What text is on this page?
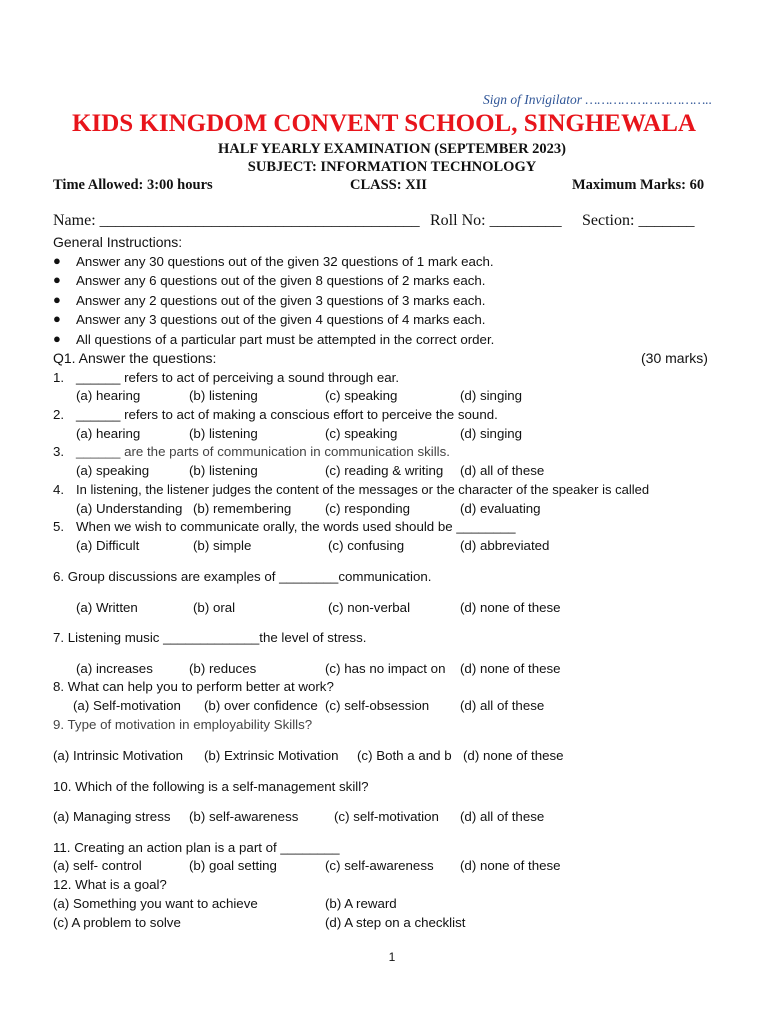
Sign of Invigilator …………………………..
KIDS KINGDOM CONVENT SCHOOL, SINGHEWALA
HALF YEARLY EXAMINATION (SEPTEMBER 2023)
SUBJECT: INFORMATION TECHNOLOGY
Time Allowed: 3:00 hours	CLASS: XII	Maximum Marks: 60
Name: ________________________________________ Roll No: _________ Section: _______
General Instructions:
● Answer any 30 questions out of the given 32 questions of 1 mark each.
● Answer any 6 questions out of the given 8 questions of 2 marks each.
● Answer any 2 questions out of the given 3 questions of 3 marks each.
● Answer any 3 questions out of the given 4 questions of 4 marks each.
● All questions of a particular part must be attempted in the correct order.
Q1. Answer the questions:	(30 marks)
1. ______ refers to act of perceiving a sound through ear.
(a) hearing	(b) listening	(c) speaking	(d) singing
2. ______ refers to act of making a conscious effort to perceive the sound.
(a) hearing	(b) listening	(c) speaking	(d) singing
3. ______ are the parts of communication in communication skills.
(a) speaking	(b) listening	(c) reading & writing (d) all of these
4. In listening, the listener judges the content of the messages or the character of the speaker is called
(a) Understanding (b) remembering	(c) responding	(d) evaluating
5. When we wish to communicate orally, the words used should be ________
(a) Difficult	(b) simple	(c) confusing	(d) abbreviated
6. Group discussions are examples of ________communication.
(a) Written	(b) oral	(c) non-verbal	(d) none of these
7. Listening music _____________the level of stress.
(a) increases	(b) reduces	(c) has no impact on (d) none of these
8. What can help you to perform better at work?
(a) Self-motivation (b) over confidence (c) self-obsession (d) all of these
9. Type of motivation in employability Skills?
(a) Intrinsic Motivation (b) Extrinsic Motivation (c) Both a and b (d) none of these
10. Which of the following is a self-management skill?
(a) Managing stress (b) self-awareness	(c) self-motivation (d) all of these
11. Creating an action plan is a part of ________
(a) self- control	(b) goal setting	(c) self-awareness (d) none of these
12. What is a goal?
(a) Something you want to achieve	(b) A reward
(c) A problem to solve	(d) A step on a checklist
1
